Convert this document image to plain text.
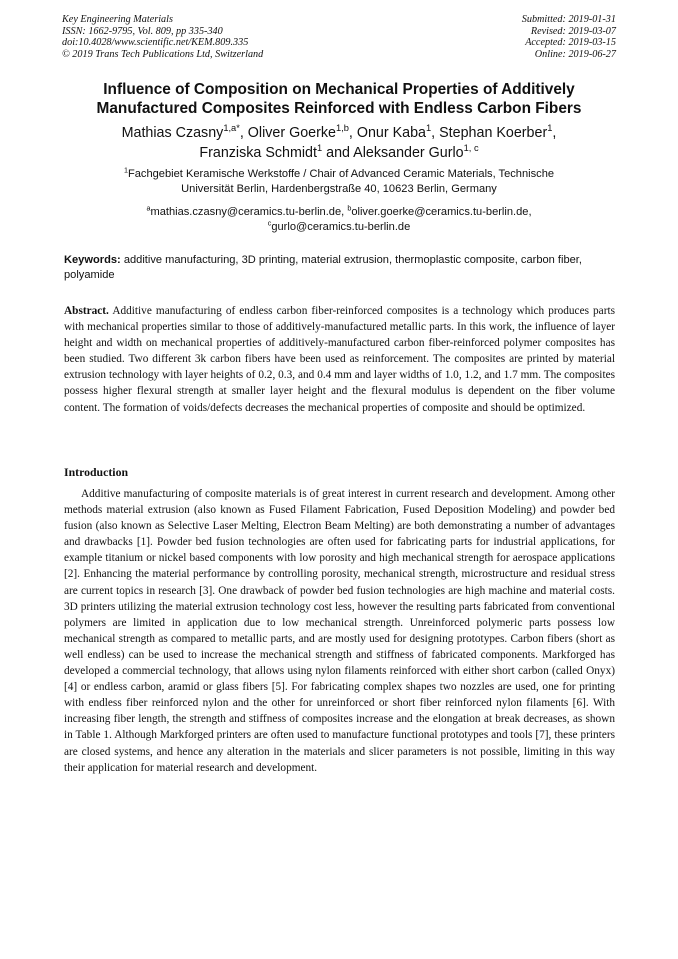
Key Engineering Materials
ISSN: 1662-9795, Vol. 809, pp 335-340
doi:10.4028/www.scientific.net/KEM.809.335
© 2019 Trans Tech Publications Ltd, Switzerland
Submitted: 2019-01-31
Revised: 2019-03-07
Accepted: 2019-03-15
Online: 2019-06-27
Influence of Composition on Mechanical Properties of Additively
Manufactured Composites Reinforced with Endless Carbon Fibers
Mathias Czasny$^{1,a*}$, Oliver Goerke$^{1,b}$, Onur Kaba$^1$, Stephan Koerber$^1$,
Franziska Schmidt$^1$ and Aleksander Gurlo$^{1, c}$
$^1$Fachgebiet Keramische Werkstoffe / Chair of Advanced Ceramic Materials, Technische
Universität Berlin, Hardenbergstraße 40, 10623 Berlin, Germany
$^a$mathias.czasny@ceramics.tu-berlin.de, $^b$oliver.goerke@ceramics.tu-berlin.de,
$^c$gurlo@ceramics.tu-berlin.de
Keywords: additive manufacturing, 3D printing, material extrusion, thermoplastic composite, carbon fiber, polyamide
Abstract. Additive manufacturing of endless carbon fiber-reinforced composites is a technology which produces parts with mechanical properties similar to those of additively-manufactured metallic parts. In this work, the influence of layer height and width on mechanical properties of additively-manufactured carbon fiber-reinforced polymer composites has been studied. Two different 3k carbon fibers have been used as reinforcement. The composites are printed by material extrusion technology with layer heights of 0.2, 0.3, and 0.4 mm and layer widths of 1.0, 1.2, and 1.7 mm. The composites possess higher flexural strength at smaller layer height and the flexural modulus is dependent on the fiber volume content. The formation of voids/defects decreases the mechanical properties of composite and should be optimized.
Introduction
Additive manufacturing of composite materials is of great interest in current research and development. Among other methods material extrusion (also known as Fused Filament Fabrication, Fused Deposition Modeling) and powder bed fusion (also known as Selective Laser Melting, Electron Beam Melting) are both demonstrating a number of advantages and drawbacks [1]. Powder bed fusion technologies are often used for fabricating parts for industrial applications, for example titanium or nickel based components with low porosity and high mechanical strength for aerospace applications [2]. Enhancing the material performance by controlling porosity, mechanical strength, microstructure and residual stress are current topics in research [3]. One drawback of powder bed fusion technologies are high machine and material costs. 3D printers utilizing the material extrusion technology cost less, however the resulting parts fabricated from conventional polymers are limited in application due to low mechanical strength. Unreinforced polymeric parts possess low mechanical strength as compared to metallic parts, and are mostly used for designing prototypes. Carbon fibers (short as well endless) can be used to increase the mechanical strength and stiffness of fabricated components. Markforged has developed a commercial technology, that allows using nylon filaments reinforced with either short carbon (called Onyx) [4] or endless carbon, aramid or glass fibers [5]. For fabricating complex shapes two nozzles are used, one for printing with endless fiber reinforced nylon and the other for unreinforced or short fiber reinforced nylon filaments [6]. With increasing fiber length, the strength and stiffness of composites increase and the elongation at break decreases, as shown in Table 1. Although Markforged printers are often used to manufacture functional prototypes and tools [7], these printers are closed systems, and hence any alteration in the materials and slicer parameters is not possible, limiting in this way their application for material research and development.
